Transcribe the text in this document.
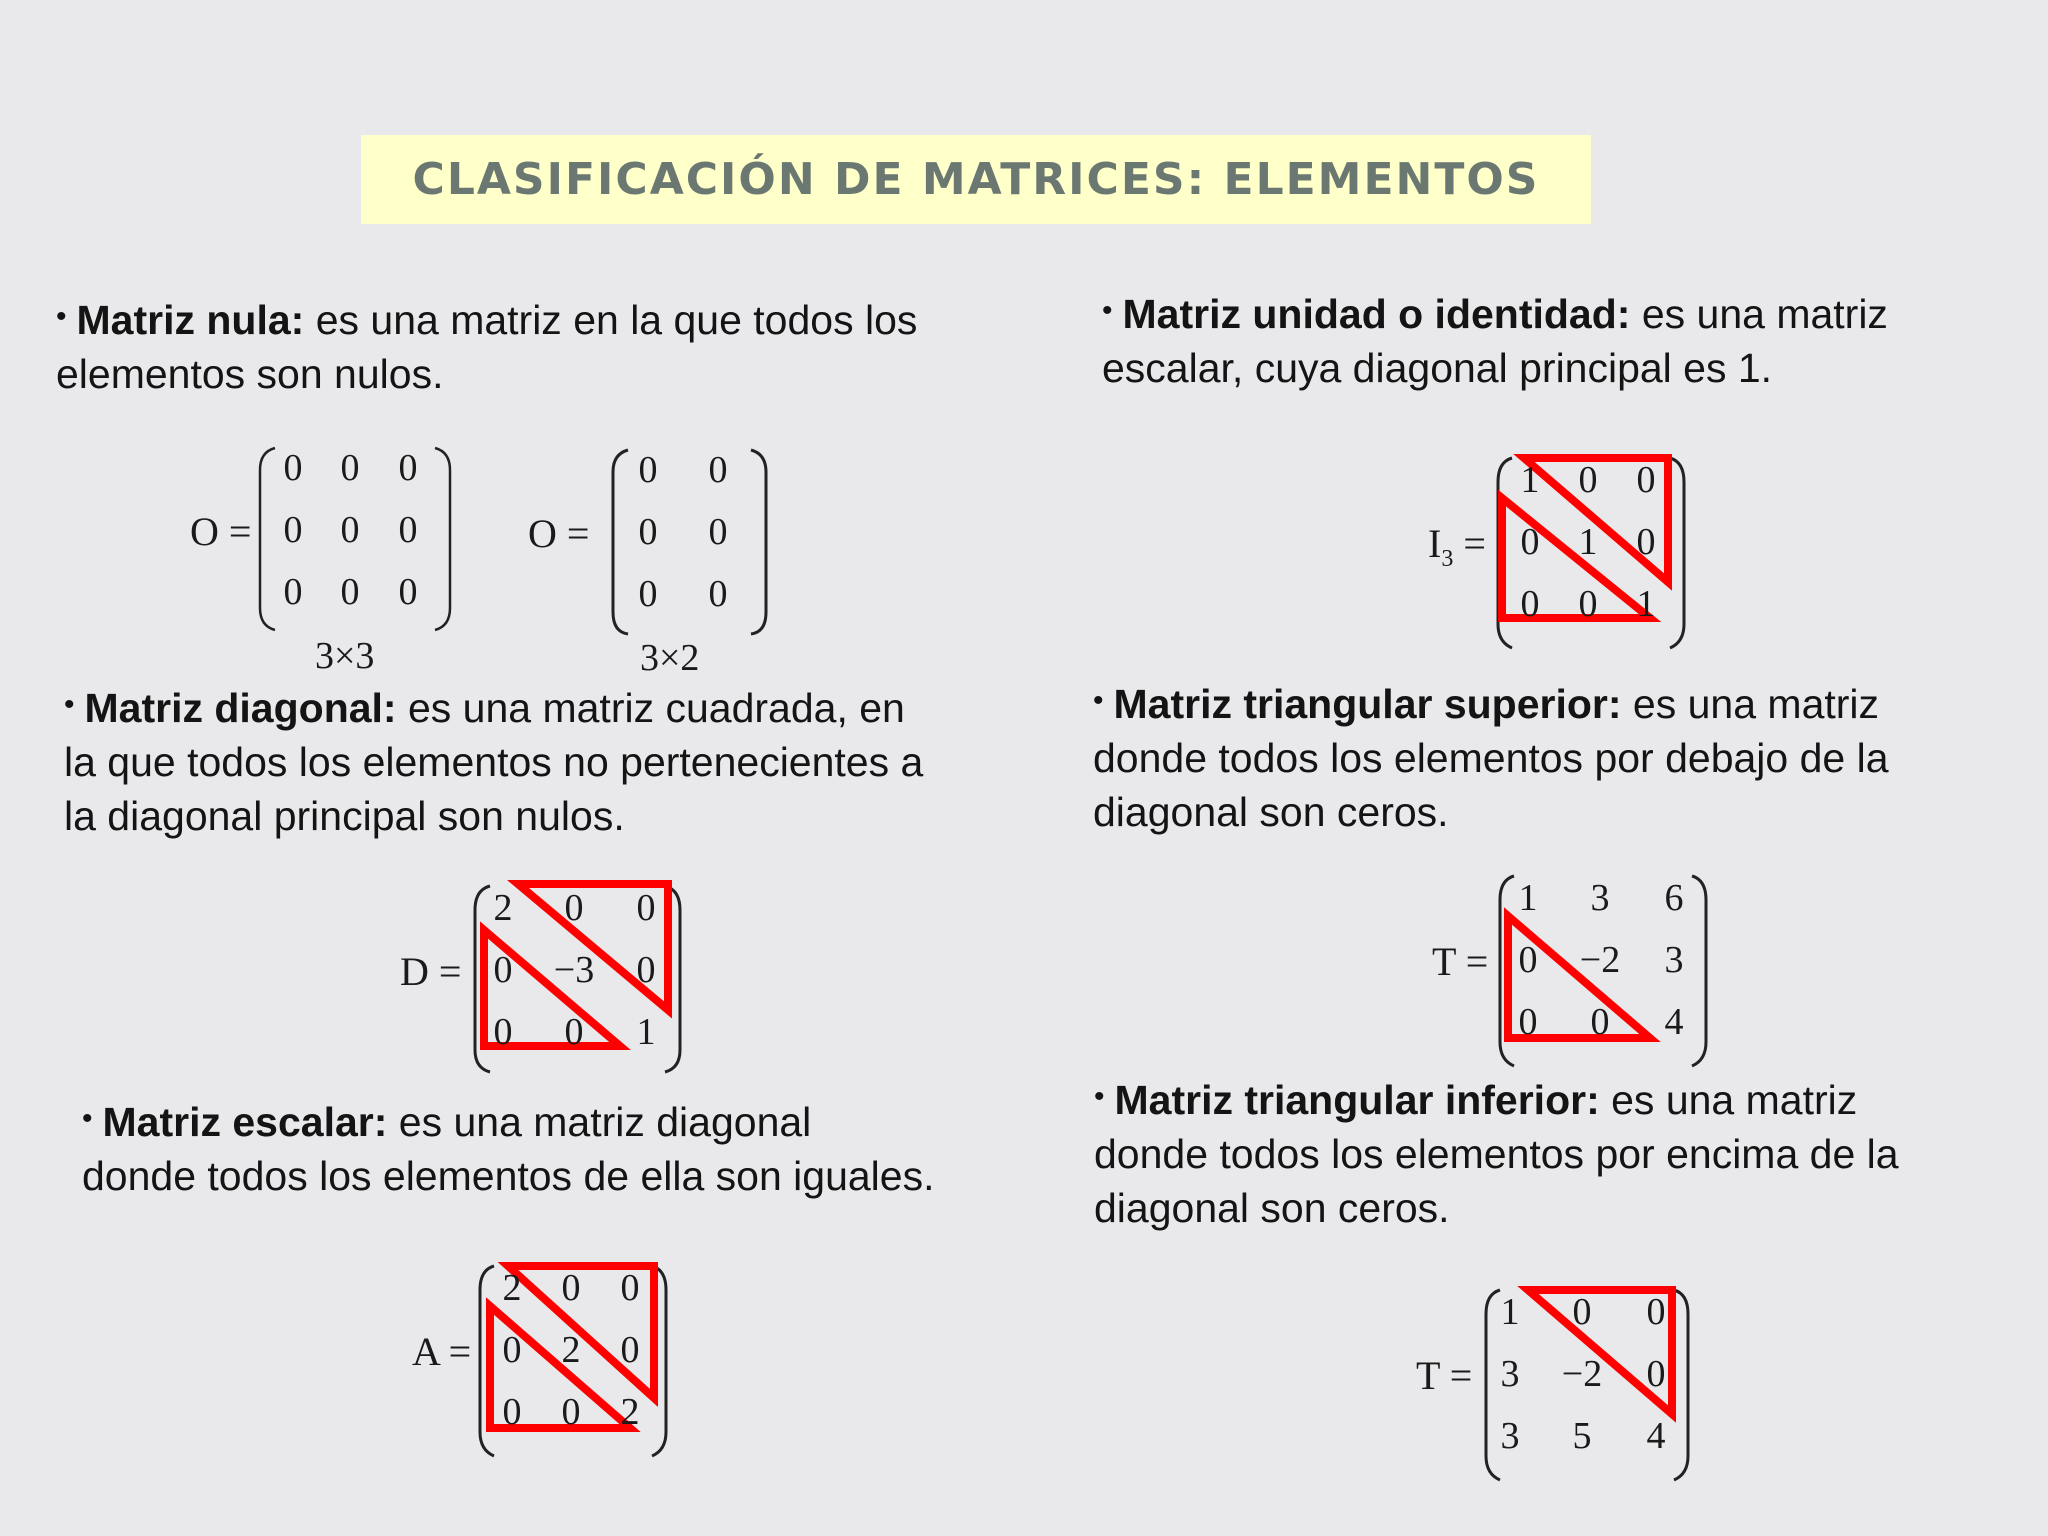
CLASIFICACIÓN DE MATRICES: ELEMENTOS
• Matriz nula: es una matriz en la que todos los
elementos son nulos.
• Matriz diagonal: es una matriz cuadrada, en
la que todos los elementos no pertenecientes a
la diagonal principal son nulos.
• Matriz escalar: es una matriz diagonal
donde todos los elementos de ella son iguales.
• Matriz unidad o identidad: es una matriz
escalar, cuya diagonal principal es 1.
• Matriz triangular superior: es una matriz
donde todos los elementos por debajo de la
diagonal son ceros.
• Matriz triangular inferior: es una matriz
donde todos los elementos por encima de la
diagonal son ceros.
O =
0	0	0
0	0	0
0	0	0
3×3
O =
0	0
0	0
0	0
3×2
D =
2	0	0
0	−3	0
0	0	1
A =
2	0	0
0	2	0
0	0	2
$I_3$ =
1	0	0
0	1	0
0	0	1
T =
1	3	6
0	−2	3
0	0	4
T =
1	0	0
3	−2	0
3	5	4
